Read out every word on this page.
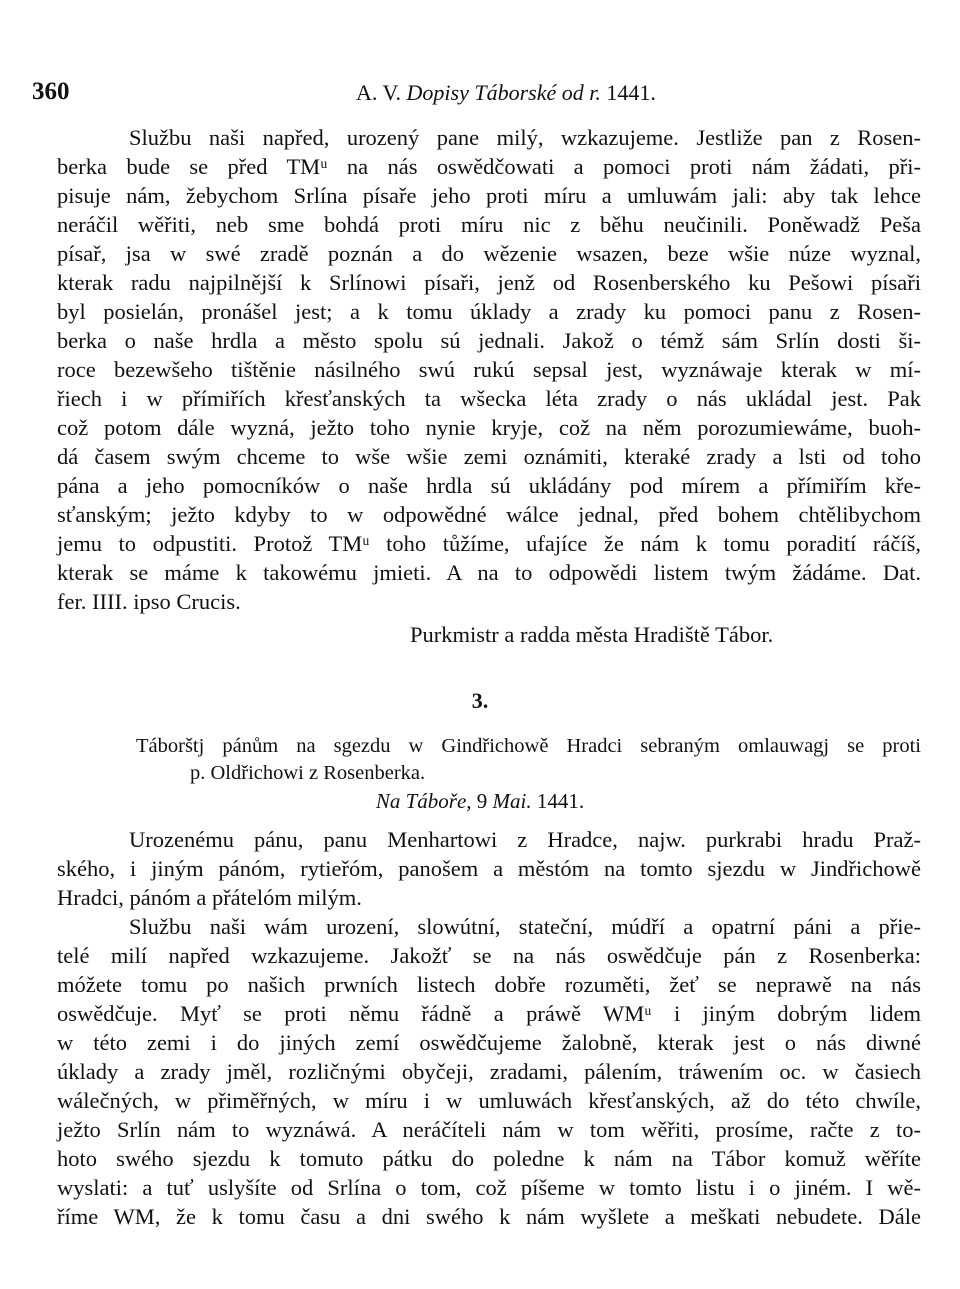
360	A. V. Dopisy Táborské od r. 1441.
Službu naši napřed, urozený pane milý, wzkazujeme. Jestliže pan z Rosen-
berka bude se před TMᵘ na nás oswědčowati a pomoci proti nám žádati, při-
pisuje nám, žebychom Srlína písaře jeho proti míru a umluwám jali: aby tak lehce
neráčil wěřiti, neb sme bohdá proti míru nic z běhu neučinili. Poněwadž Peša
písař, jsa w swé zradě poznán a do wězenie wsazen, beze wšie núze wyznal,
kterak radu najpilnější k Srlínowi písaři, jenž od Rosenberského ku Pešowi písaři
byl posielán, pronášel jest; a k tomu úklady a zrady ku pomoci panu z Rosen-
berka o naše hrdla a město spolu sú jednali. Jakož o témž sám Srlín dosti ši-
roce bezewšeho tištěnie násilného swú rukú sepsal jest, wyznáwaje kterak w mí-
řiech i w přímiřích křesťanských ta wšecka léta zrady o nás ukládal jest. Pak
což potom dále wyzná, ježto toho nynie kryje, což na něm porozumiewáme, buoh-
dá časem swým chceme to wše wšie zemi oznámiti, kteraké zrady a lsti od toho
pána a jeho pomocníków o naše hrdla sú ukládány pod mírem a přímiřím křе-
sťanským; ježto kdyby to w odpowědné wálce jednal, před bohem chtělibychom
jemu to odpustiti. Protož TMᵘ toho tůžíme, ufajíce že nám k tomu poradití ráčíš,
kterak se máme k takowému jmieti. A na to odpowědi listem twým žádáme. Dat.
fer. IIII. ipso Crucis.
Purkmistr a radda města Hradiště Tábor.
3.
Táborštj pánům na sgezdu w Gindřichowě Hradci sebraným omlauwagj se proti
p. Oldřichowi z Rosenberka.
Na Táboře, 9 Mai. 1441.
Urozenému pánu, panu Menhartowi z Hradce, najw. purkrabi hradu Praž-
ského, i jiným pánóm, rytieřóm, panošem a městóm na tomto sjezdu w Jindřichowě
Hradci, pánóm a přátelóm milým.
Službu naši wám urození, slowútní, stateční, múdří a opatrní páni a přie-
telé milí napřed wzkazujeme. Jakožť se na nás oswědčuje pán z Rosenberka:
móžete tomu po našich prwních listech dobře rozuměti, žeť se neprawě na nás
oswědčuje. Myť se proti němu řádně a práwě WMᵘ i jiným dobrým lidem
w této zemi i do jiných zemí oswědčujeme žalobně, kterak jest o nás diwné
úklady a zrady jměl, rozličnými obyčeji, zradami, pálením, tráwením oc. w časiech
wálečných, w přiměřných, w míru i w umluwách křesťanských, až do této chwíle,
ježto Srlín nám to wyznáwá. A neráčíteli nám w tom wěřiti, prosíme, račte z to-
hoto swého sjezdu k tomuto pátku do poledne k nám na Tábor komuž wěříte
wyslati: a tuť uslyšíte od Srlína o tom, což píšeme w tomto listu i o jiném. I wě-
říme WM, že k tomu času a dni swého k nám wyšlete a meškati nebudete. Dále
